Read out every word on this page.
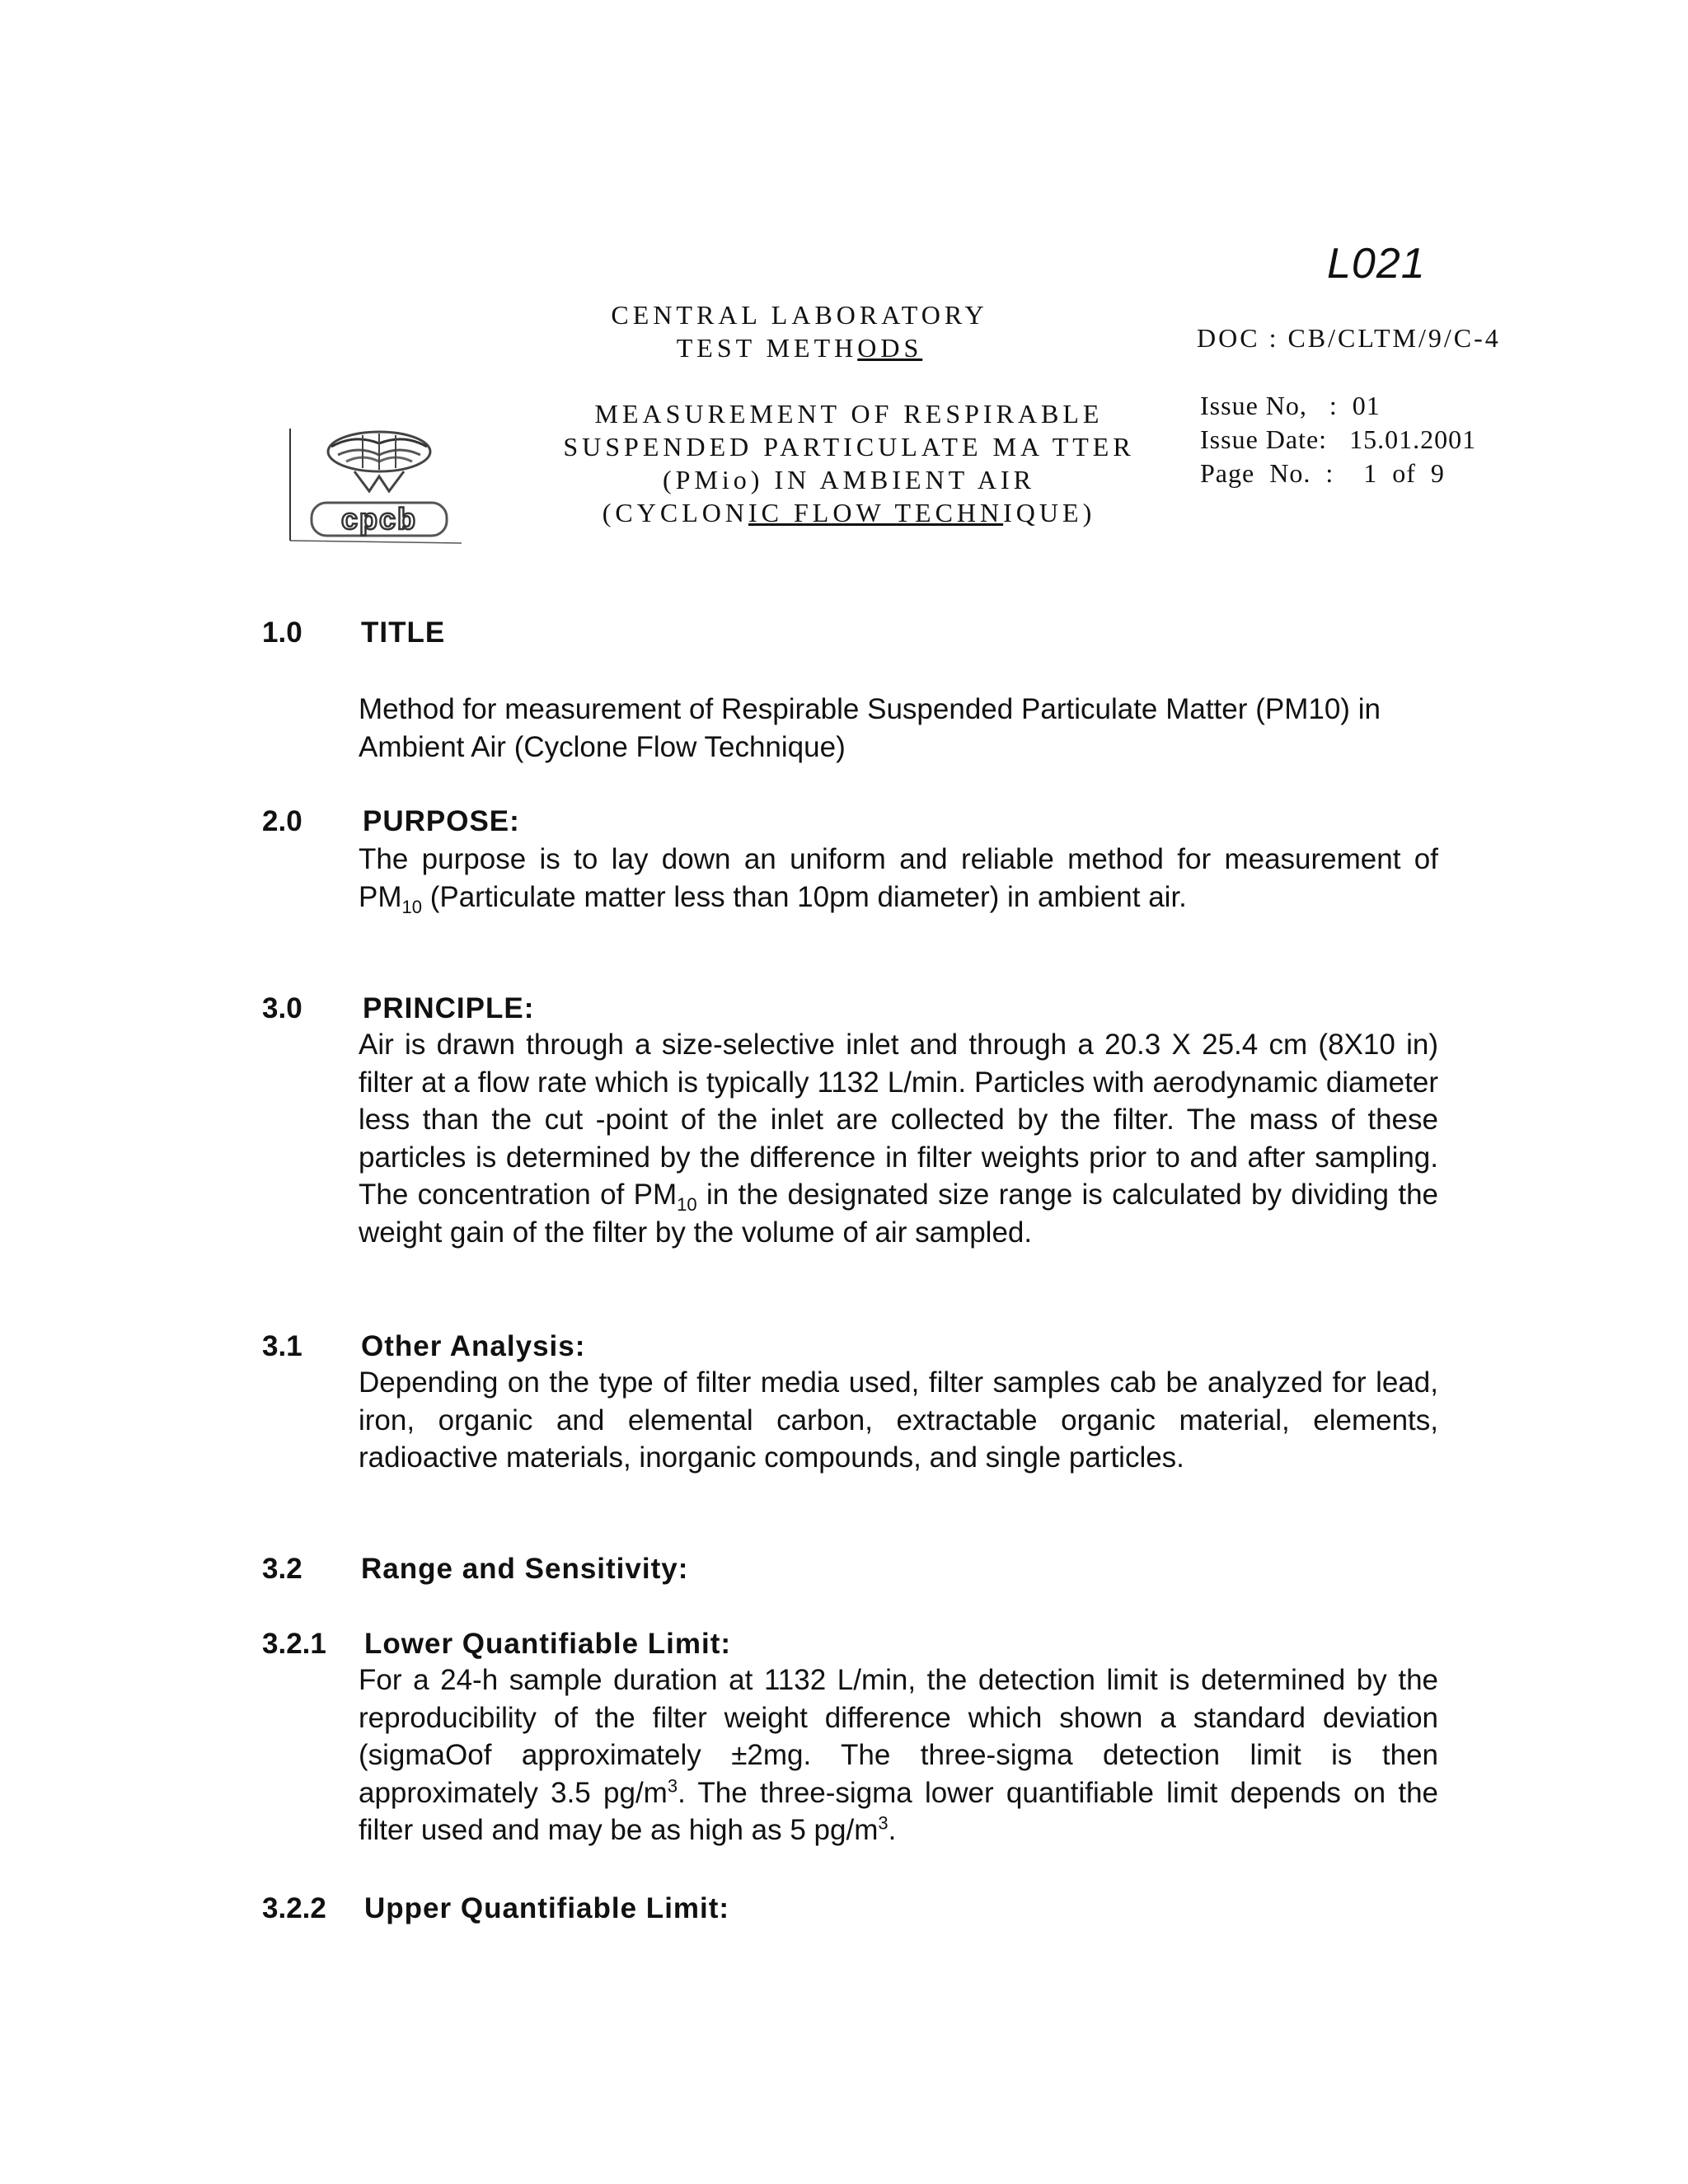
L021
CENTRAL LABORATORY
TEST METHODS
MEASUREMENT OF RESPIRABLE
SUSPENDED PARTICULATE MA TTER
(PMio) IN AMBIENT AIR
(CYCLONIC FLOW TECHNIQUE)
DOC : CB/CLTM/9/C-4
Issue No,   :  01
Issue Date:   15.01.2001
Page  No.  :    1  of  9
cpcb
1.0 TITLE
Method for measurement of Respirable Suspended Particulate Matter (PM10) in Ambient Air (Cyclone Flow Technique)
2.0 PURPOSE:
The purpose is to lay down an uniform and reliable method for measurement of $PM_{10}$ (Particulate matter less than 10pm diameter) in ambient air.
3.0 PRINCIPLE:
Air is drawn through a size-selective inlet and through a 20.3 X 25.4 cm (8X10 in) filter at a flow rate which is typically 1132 L/min. Particles with aerodynamic diameter less than the cut -point of the inlet are collected by the filter. The mass of these particles is determined by the difference in filter weights prior to and after sampling. The concentration of $PM_{10}$ in the designated size range is calculated by dividing the weight gain of the filter by the volume of air sampled.
3.1 Other Analysis:
Depending on the type of filter media used, filter samples cab be analyzed for lead, iron, organic and elemental carbon, extractable organic material, elements, radioactive materials, inorganic compounds, and single particles.
3.2 Range and Sensitivity:
3.2.1 Lower Quantifiable Limit:
For a 24-h sample duration at 1132 L/min, the detection limit is determined by the reproducibility of the filter weight difference which shown a standard deviation (sigmaOof approximately ±2mg. The three-sigma detection limit is then approximately 3.5 $pg/m^3$. The three-sigma lower quantifiable limit depends on the filter used and may be as high as 5 $pg/m^3$.
3.2.2 Upper Quantifiable Limit:
